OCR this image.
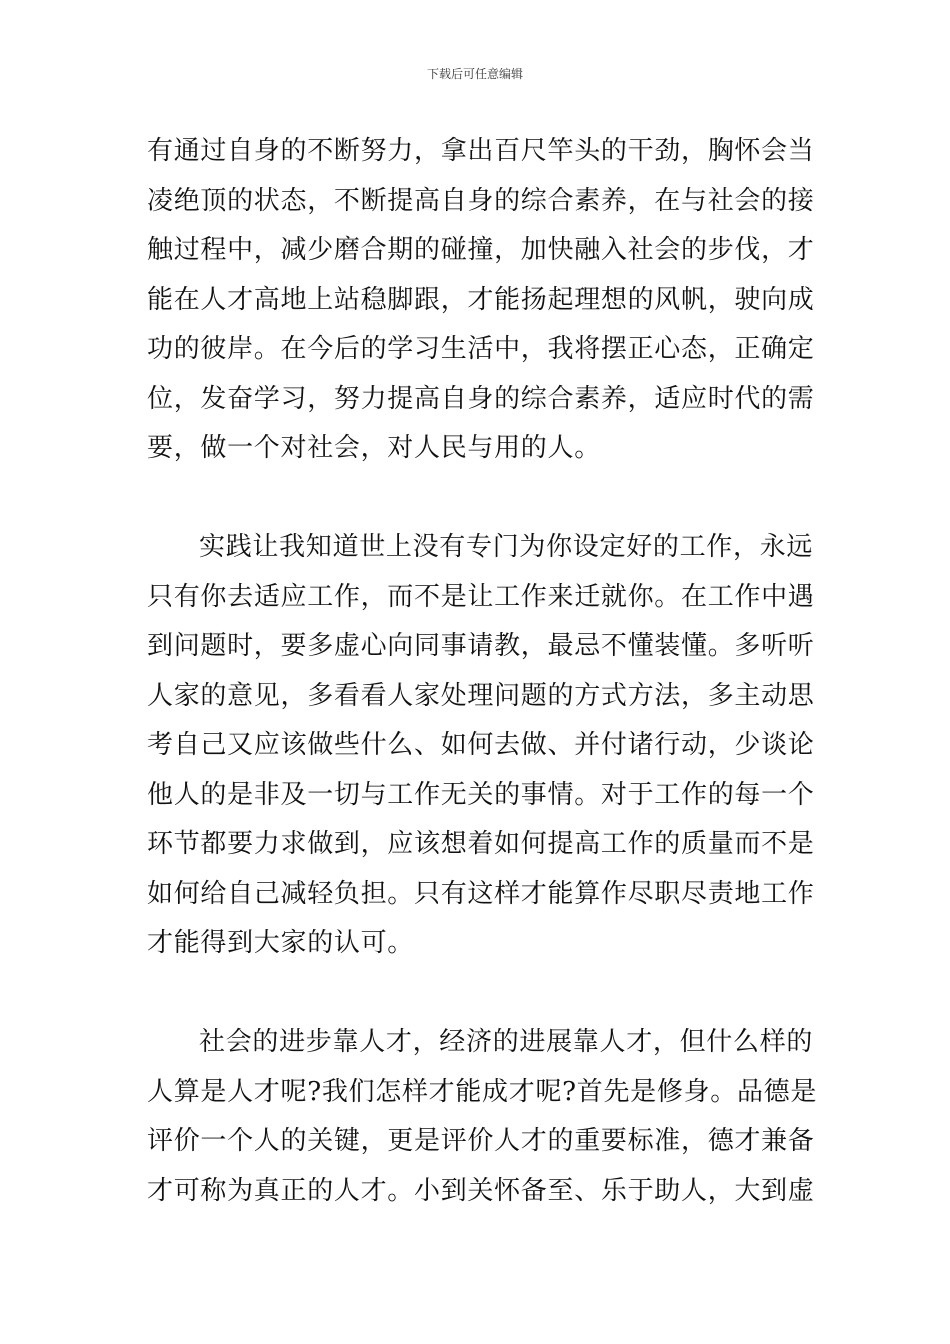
下载后可任意编辑
有通过自身的不断努力，拿出百尺竿头的干劲，胸怀会当
凌绝顶的状态，不断提高自身的综合素养，在与社会的接
触过程中，减少磨合期的碰撞，加快融入社会的步伐，才
能在人才高地上站稳脚跟，才能扬起理想的风帆，驶向成
功的彼岸。在今后的学习生活中，我将摆正心态，正确定
位，发奋学习，努力提高自身的综合素养，适应时代的需
要，做一个对社会，对人民与用的人。
实践让我知道世上没有专门为你设定好的工作，永远
只有你去适应工作，而不是让工作来迁就你。在工作中遇
到问题时，要多虚心向同事请教，最忌不懂装懂。多听听
人家的意见，多看看人家处理问题的方式方法，多主动思
考自己又应该做些什么、如何去做、并付诸行动，少谈论
他人的是非及一切与工作无关的事情。对于工作的每一个
环节都要力求做到，应该想着如何提高工作的质量而不是
如何给自己减轻负担。只有这样才能算作尽职尽责地工作
才能得到大家的认可。
社会的进步靠人才，经济的进展靠人才，但什么样的
人算是人才呢?我们怎样才能成才呢?首先是修身。品德是
评价一个人的关键，更是评价人才的重要标准，德才兼备
才可称为真正的人才。小到关怀备至、乐于助人，大到虚
